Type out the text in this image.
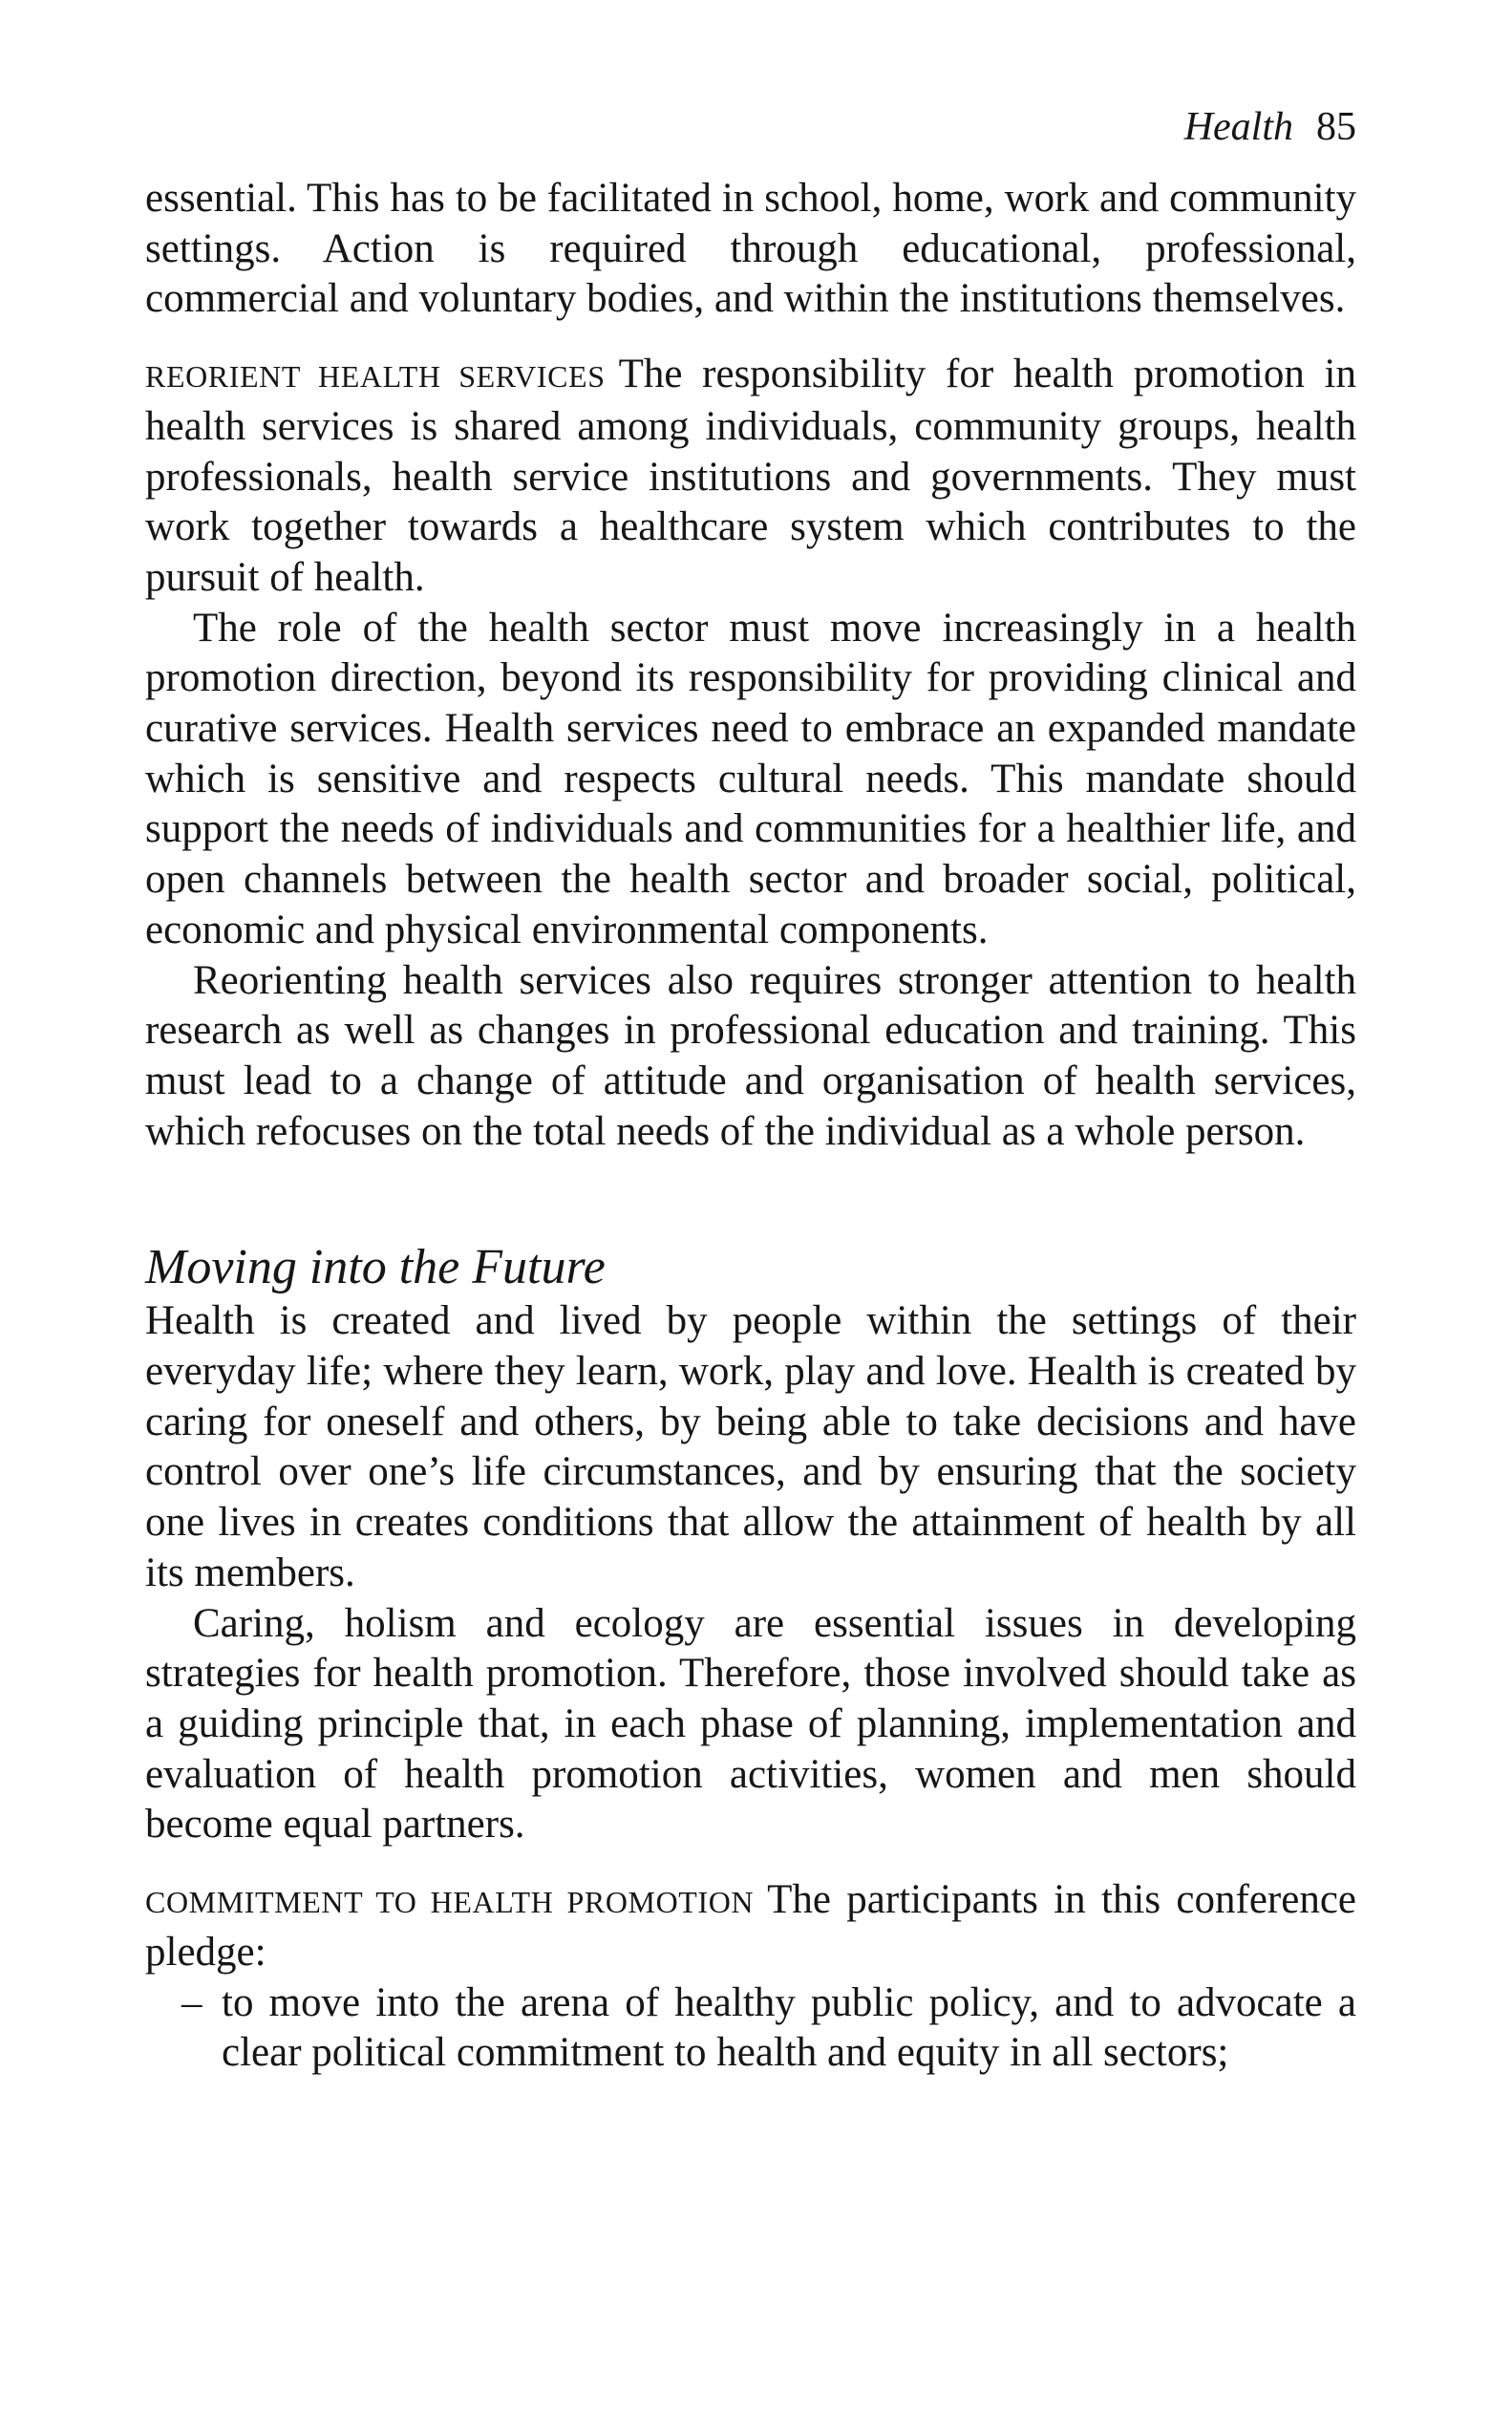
Health 85

essential. This has to be facilitated in school, home, work and community settings. Action is required through educational, professional, commercial and voluntary bodies, and within the institutions themselves.

REORIENT HEALTH SERVICES The responsibility for health promotion in health services is shared among individuals, community groups, health professionals, health service institutions and governments. They must work together towards a healthcare system which contributes to the pursuit of health.

The role of the health sector must move increasingly in a health promotion direction, beyond its responsibility for providing clinical and curative services. Health services need to embrace an expanded mandate which is sensitive and respects cultural needs. This mandate should support the needs of individuals and communities for a healthier life, and open channels between the health sector and broader social, political, economic and physical environmental components.

Reorienting health services also requires stronger attention to health research as well as changes in professional education and training. This must lead to a change of attitude and organisation of health services, which refocuses on the total needs of the individual as a whole person.

Moving into the Future

Health is created and lived by people within the settings of their everyday life; where they learn, work, play and love. Health is created by caring for oneself and others, by being able to take decisions and have control over one’s life circumstances, and by ensuring that the society one lives in creates conditions that allow the attainment of health by all its members.

Caring, holism and ecology are essential issues in developing strategies for health promotion. Therefore, those involved should take as a guiding principle that, in each phase of planning, implementation and evaluation of health promotion activities, women and men should become equal partners.

COMMITMENT TO HEALTH PROMOTION The participants in this conference pledge:

– to move into the arena of healthy public policy, and to advocate a clear political commitment to health and equity in all sectors;
